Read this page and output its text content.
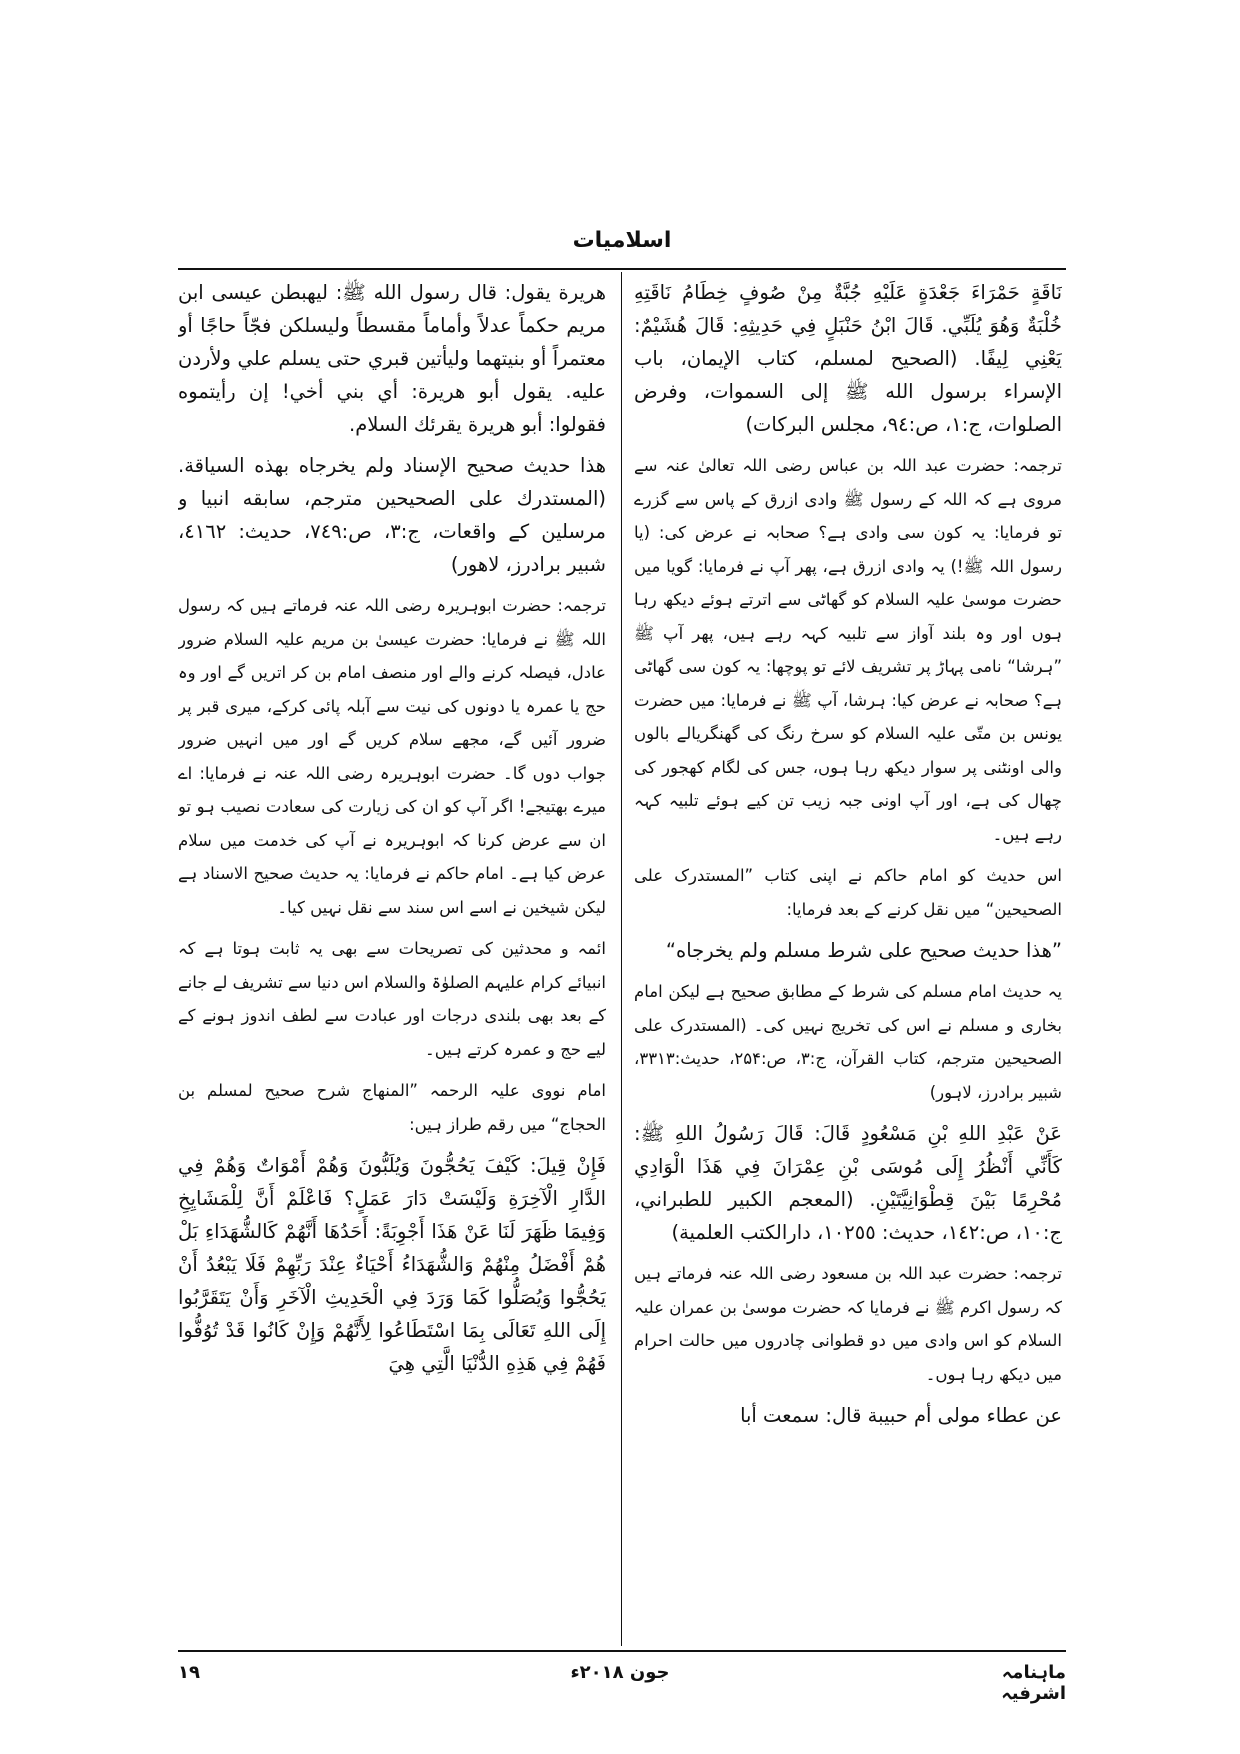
اسلامیات

نَاقَةٍ حَمْرَاءَ جَعْدَةٍ عَلَيْهِ جُبَّةٌ مِنْ صُوفٍ خِطَامُ نَاقَتِهِ خُلْبَةٌ وَهُوَ يُلَبِّي. قَالَ ابْنُ حَنْبَلٍ فِي حَدِيثِهِ: قَالَ هُشَيْمٌ: يَعْنِي لِيفًا. (الصحيح لمسلم، كتاب الإيمان، باب الإسراء برسول الله ﷺ إلى السموات، وفرض الصلوات، ج:١، ص:٩٤، مجلس البركات)

ترجمہ: حضرت عبد اللہ بن عباس رضی اللہ تعالیٰ عنہ سے مروی ہے کہ اللہ کے رسول ﷺ وادی ازرق کے پاس سے گزرے تو فرمایا: یہ کون سی وادی ہے؟ صحابہ نے عرض کی: (یا رسول اللہ ﷺ!) یہ وادی ازرق ہے، پھر آپ نے فرمایا: گویا میں حضرت موسیٰ علیہ السلام کو گھاٹی سے اترتے ہوئے دیکھ رہا ہوں اور وہ بلند آواز سے تلبیہ کہہ رہے ہیں، پھر آپ ﷺ ”ہرشا“ نامی پہاڑ پر تشریف لائے تو پوچھا: یہ کون سی گھاٹی ہے؟ صحابہ نے عرض کیا: ہرشا، آپ ﷺ نے فرمایا: میں حضرت یونس بن متّی علیہ السلام کو سرخ رنگ کی گھنگریالے بالوں والی اونٹنی پر سوار دیکھ رہا ہوں، جس کی لگام کھجور کی چھال کی ہے، اور آپ اونی جبہ زیب تن کیے ہوئے تلبیہ کہہ رہے ہیں۔

اس حدیث کو امام حاکم نے اپنی کتاب ”المستدرک علی الصحیحین“ میں نقل کرنے کے بعد فرمایا:

”هذا حديث صحيح على شرط مسلم ولم يخرجاه“

یہ حدیث امام مسلم کی شرط کے مطابق صحیح ہے لیکن امام بخاری و مسلم نے اس کی تخریج نہیں کی۔ (المستدرک علی الصحیحین مترجم، کتاب القرآن، ج:۳، ص:۲۵۴، حدیث:۳۳۱۳، شبیر برادرز، لاہور)

عَنْ عَبْدِ اللهِ بْنِ مَسْعُودٍ قَالَ: قَالَ رَسُولُ اللهِ ﷺ: كَأَنِّي أَنْظُرُ إِلَى مُوسَى بْنِ عِمْرَانَ فِي هَذَا الْوَادِي مُحْرِمًا بَيْنَ قِطْوَانِيَّتَيْنِ. (المعجم الكبير للطبراني، ج:١٠، ص:١٤٢، حديث: ١٠٢٥٥، دارالكتب العلمية)

ترجمہ: حضرت عبد اللہ بن مسعود رضی اللہ عنہ فرماتے ہیں کہ رسول اکرم ﷺ نے فرمایا کہ حضرت موسیٰ بن عمران علیہ السلام کو اس وادی میں دو قطوانی چادروں میں حالت احرام میں دیکھ رہا ہوں۔

عن عطاء مولى أم حبيبة قال: سمعت أبا

هريرة يقول: قال رسول الله ﷺ: ليهبطن عيسى ابن مريم حكماً عدلاً وأماماً مقسطاً وليسلكن فجّاً حاجًا أو معتمراً أو بنيتهما وليأتين قبري حتى يسلم علي ولأردن عليه. يقول أبو هريرة: أي بني أخي! إن رأيتموه فقولوا: أبو هريرة يقرئك السلام.

هذا حديث صحيح الإسناد ولم يخرجاه بهذه السياقة. (المستدرك على الصحيحين مترجم، سابقه انبيا و مرسلين کے واقعات، ج:٣، ص:٧٤٩، حديث: ٤١٦٢، شبير برادرز، لاهور)

ترجمہ: حضرت ابوہریرہ رضی اللہ عنہ فرماتے ہیں کہ رسول اللہ ﷺ نے فرمایا: حضرت عیسیٰ بن مریم علیہ السلام ضرور عادل، فیصلہ کرنے والے اور منصف امام بن کر اتریں گے اور وہ حج یا عمرہ یا دونوں کی نیت سے آبلہ پائی کرکے، میری قبر پر ضرور آئیں گے، مجھے سلام کریں گے اور میں انہیں ضرور جواب دوں گا۔ حضرت ابوہریرہ رضی اللہ عنہ نے فرمایا: اے میرے بھتیجے! اگر آپ کو ان کی زیارت کی سعادت نصیب ہو تو ان سے عرض کرنا کہ ابوہریرہ نے آپ کی خدمت میں سلام عرض کیا ہے۔ امام حاکم نے فرمایا: یہ حدیث صحیح الاسناد ہے لیکن شیخین نے اسے اس سند سے نقل نہیں کیا۔

ائمہ و محدثین کی تصریحات سے بھی یہ ثابت ہوتا ہے کہ انبیائے کرام علیہم الصلوٰۃ والسلام اس دنیا سے تشریف لے جانے کے بعد بھی بلندی درجات اور عبادت سے لطف اندوز ہونے کے لیے حج و عمرہ کرتے ہیں۔

امام نووی علیہ الرحمہ ”المنهاج شرح صحيح لمسلم بن الحجاج“ میں رقم طراز ہیں:

فَإِنْ قِيلَ: كَيْفَ يَحُجُّونَ وَيُلَبُّونَ وَهُمْ أَمْوَاتٌ وَهُمْ فِي الدَّارِ الْآخِرَةِ وَلَيْسَتْ دَارَ عَمَلٍ؟ فَاعْلَمْ أَنَّ لِلْمَشَايِخِ وَفِيمَا ظَهَرَ لَنَا عَنْ هَذَا أَجْوِبَةً: أَحَدُهَا أَنَّهُمْ كَالشُّهَدَاءِ بَلْ هُمْ أَفْضَلُ مِنْهُمْ وَالشُّهَدَاءُ أَحْيَاءٌ عِنْدَ رَبِّهِمْ فَلَا يَبْعُدُ أَنْ يَحُجُّوا وَيُصَلُّوا كَمَا وَرَدَ فِي الْحَدِيثِ الْآخَرِ وَأَنْ يَتَقَرَّبُوا إِلَى اللهِ تَعَالَى بِمَا اسْتَطَاعُوا لِأَنَّهُمْ وَإِنْ كَانُوا قَدْ تُوُفُّوا فَهُمْ فِي هَذِهِ الدُّنْيَا الَّتِي هِيَ

ماہنامہ اشرفیہ
جون ۲۰۱۸ء
۱۹
